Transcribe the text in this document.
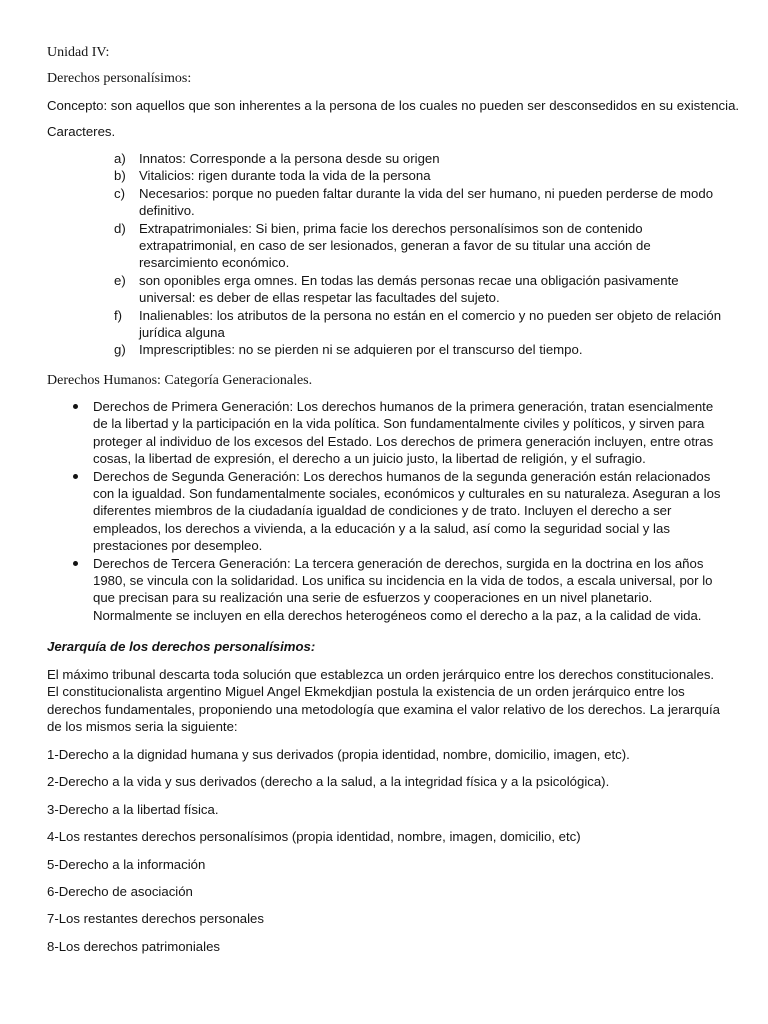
Unidad IV:
Derechos personalísimos:
Concepto: son aquellos que son inherentes a la persona de los cuales no pueden ser desconsedidos en su existencia.
Caracteres.
a) Innatos: Corresponde a la persona desde su origen
b) Vitalicios: rigen durante toda la vida de la persona
c) Necesarios: porque no pueden faltar durante la vida del ser humano, ni pueden perderse de modo definitivo.
d) Extrapatrimoniales: Si bien, prima facie los derechos personalísimos son de contenido extrapatrimonial, en caso de ser lesionados, generan a favor de su titular una acción de resarcimiento económico.
e) son oponibles erga omnes. En todas las demás personas recae una obligación pasivamente universal: es deber de ellas respetar las facultades del sujeto.
f) Inalienables: los atributos de la persona no están en el comercio y no pueden ser objeto de relación jurídica alguna
g) Imprescriptibles: no se pierden ni se adquieren por el transcurso del tiempo.
Derechos Humanos: Categoría Generacionales.
Derechos de Primera Generación: Los derechos humanos de la primera generación, tratan esencialmente de la libertad y la participación en la vida política. Son fundamentalmente civiles y políticos, y sirven para proteger al individuo de los excesos del Estado. Los derechos de primera generación incluyen, entre otras cosas, la libertad de expresión, el derecho a un juicio justo, la libertad de religión, y el sufragio.
Derechos de Segunda Generación: Los derechos humanos de la segunda generación están relacionados con la igualdad. Son fundamentalmente sociales, económicos y culturales en su naturaleza. Aseguran a los diferentes miembros de la ciudadanía igualdad de condiciones y de trato. Incluyen el derecho a ser empleados, los derechos a vivienda, a la educación y a la salud, así como la seguridad social y las prestaciones por desempleo.
Derechos de Tercera Generación: La tercera generación de derechos, surgida en la doctrina en los años 1980, se vincula con la solidaridad. Los unifica su incidencia en la vida de todos, a escala universal, por lo que precisan para su realización una serie de esfuerzos y cooperaciones en un nivel planetario. Normalmente se incluyen en ella derechos heterogéneos como el derecho a la paz, a la calidad de vida.
Jerarquía de los derechos personalísimos:
El máximo tribunal descarta toda solución que establezca un orden jerárquico entre los derechos constitucionales. El constitucionalista argentino Miguel Angel Ekmekdjian postula la existencia de un orden jerárquico entre los derechos fundamentales, proponiendo una metodología que examina el valor relativo de los derechos. La jerarquía de los mismos seria la siguiente:
1-Derecho a la dignidad humana y sus derivados (propia identidad, nombre, domicilio, imagen, etc).
2-Derecho a la vida y sus derivados (derecho a la salud, a la integridad física y a la psicológica).
3-Derecho a la libertad física.
4-Los restantes derechos personalísimos (propia identidad, nombre, imagen, domicilio, etc)
5-Derecho a la información
6-Derecho de asociación
7-Los restantes derechos personales
8-Los derechos patrimoniales
